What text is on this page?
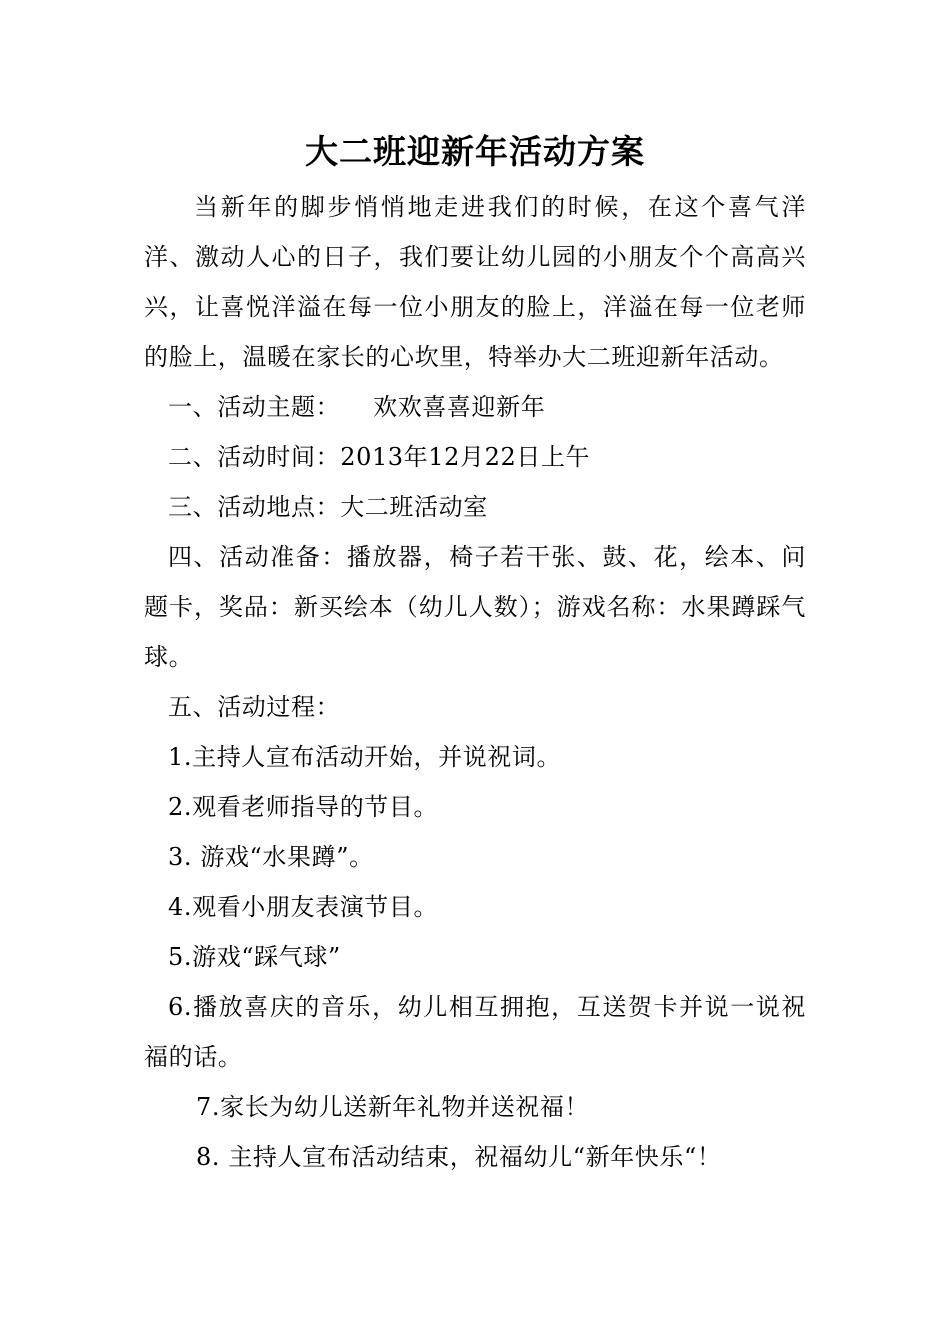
大二班迎新年活动方案

当新年的脚步悄悄地走进我们的时候，在这个喜气洋洋、激动人心的日子，我们要让幼儿园的小朋友个个高高兴兴，让喜悦洋溢在每一位小朋友的脸上，洋溢在每一位老师的脸上，温暖在家长的心坎里，特举办大二班迎新年活动。

一、活动主题：    欢欢喜喜迎新年

二、活动时间：2013年12月22日上午

三、活动地点：大二班活动室

四、活动准备：播放器，椅子若干张、鼓、花，绘本、问题卡，奖品：新买绘本（幼儿人数）；游戏名称：水果蹲踩气球。

五、活动过程：

1.主持人宣布活动开始，并说祝词。

2.观看老师指导的节目。

3. 游戏“水果蹲”。

4.观看小朋友表演节目。

5.游戏“踩气球”

6.播放喜庆的音乐，幼儿相互拥抱，互送贺卡并说一说祝福的话。

7.家长为幼儿送新年礼物并送祝福！

8. 主持人宣布活动结束，祝福幼儿“新年快乐“！
